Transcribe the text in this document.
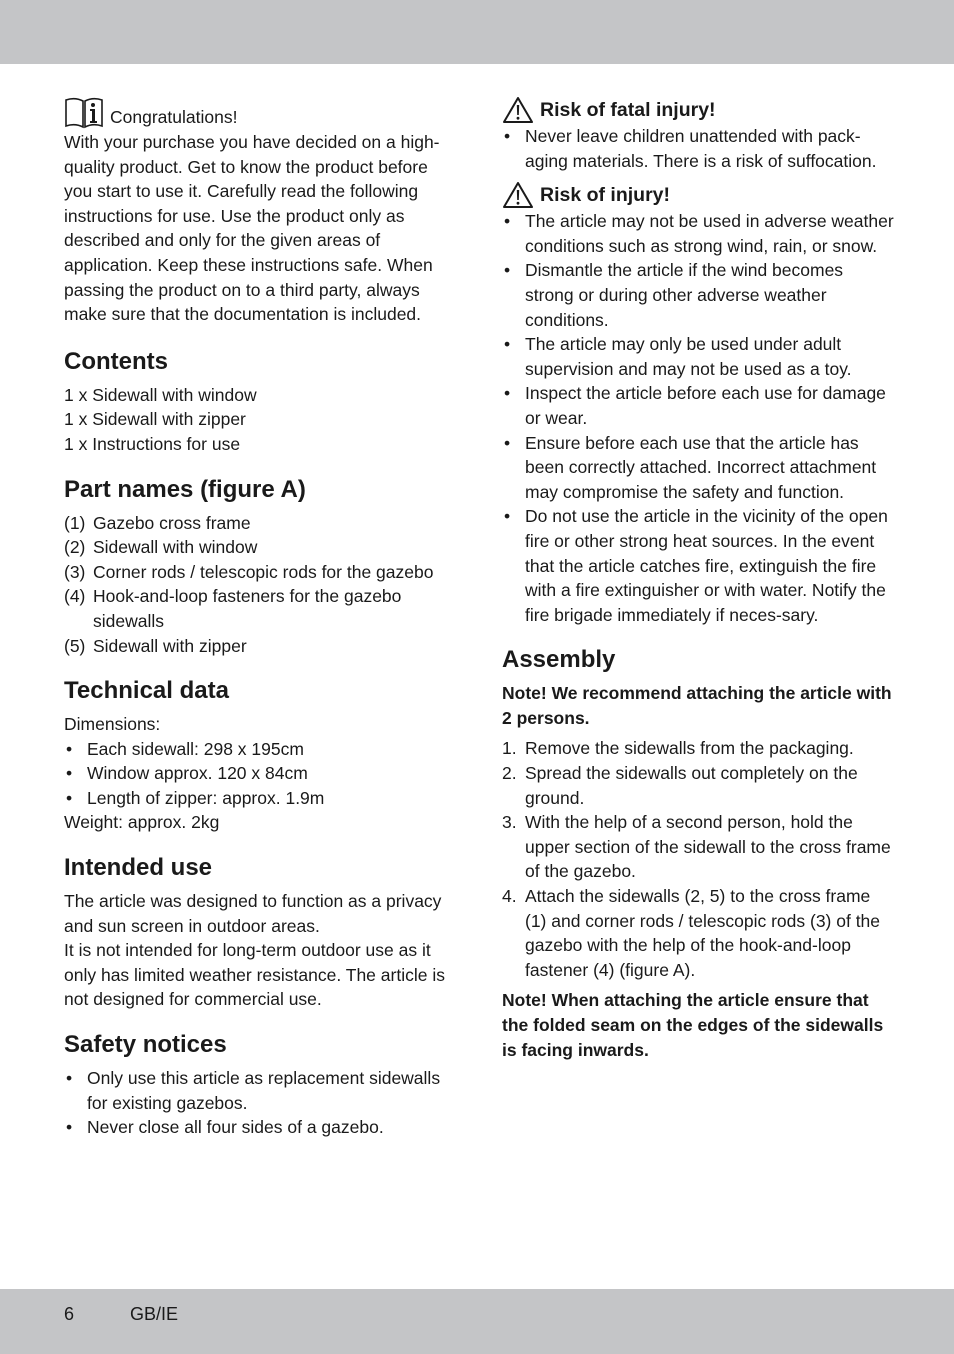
Congratulations!

With your purchase you have decided on a high-quality product. Get to know the product before you start to use it. Carefully read the following instructions for use. Use the product only as described and only for the given areas of application. Keep these instructions safe. When passing the product on to a third party, always make sure that the documentation is included.

Contents

1 x Sidewall with window

1 x Sidewall with zipper

1 x Instructions for use

Part names (figure A)
(1) Gazebo cross frame
(2) Sidewall with window
(3) Corner rods / telescopic rods for the gazebo
(4) Hook-and-loop fasteners for the gazebo sidewalls
(5) Sidewall with zipper
Technical data

Dimensions:

• Each sidewall: 298 x 195cm
• Window approx. 120 x 84cm
• Length of zipper: approx. 1.9m

Weight: approx. 2kg

Intended use

The article was designed to function as a privacy and sun screen in outdoor areas.

It is not intended for long-term outdoor use as it only has limited weather resistance. The article is not designed for commercial use.

Safety notices
• Only use this article as replacement sidewalls for existing gazebos.
• Never close all four sides of a gazebo.
Risk of fatal injury!
• Never leave children unattended with pack-aging materials. There is a risk of suffocation.
Risk of injury!
• The article may not be used in adverse weather conditions such as strong wind, rain, or snow.
• Dismantle the article if the wind becomes strong or during other adverse weather conditions.
• The article may only be used under adult supervision and may not be used as a toy.
• Inspect the article before each use for damage or wear.
• Ensure before each use that the article has been correctly attached. Incorrect attachment may compromise the safety and function.
• Do not use the article in the vicinity of the open fire or other strong heat sources. In the event that the article catches fire, extinguish the fire with a fire extinguisher or with water. Notify the fire brigade immediately if neces-sary.
Assembly

Note! We recommend attaching the article with 2 persons.

1. Remove the sidewalls from the packaging.
2. Spread the sidewalls out completely on the ground.
3. With the help of a second person, hold the upper section of the sidewall to the cross frame of the gazebo.
4. Attach the sidewalls (2, 5) to the cross frame (1) and corner rods / telescopic rods (3) of the gazebo with the help of the hook-and-loop fastener (4) (figure A).

Note! When attaching the article ensure that the folded seam on the edges of the sidewalls is facing inwards.

6	GB/IE
